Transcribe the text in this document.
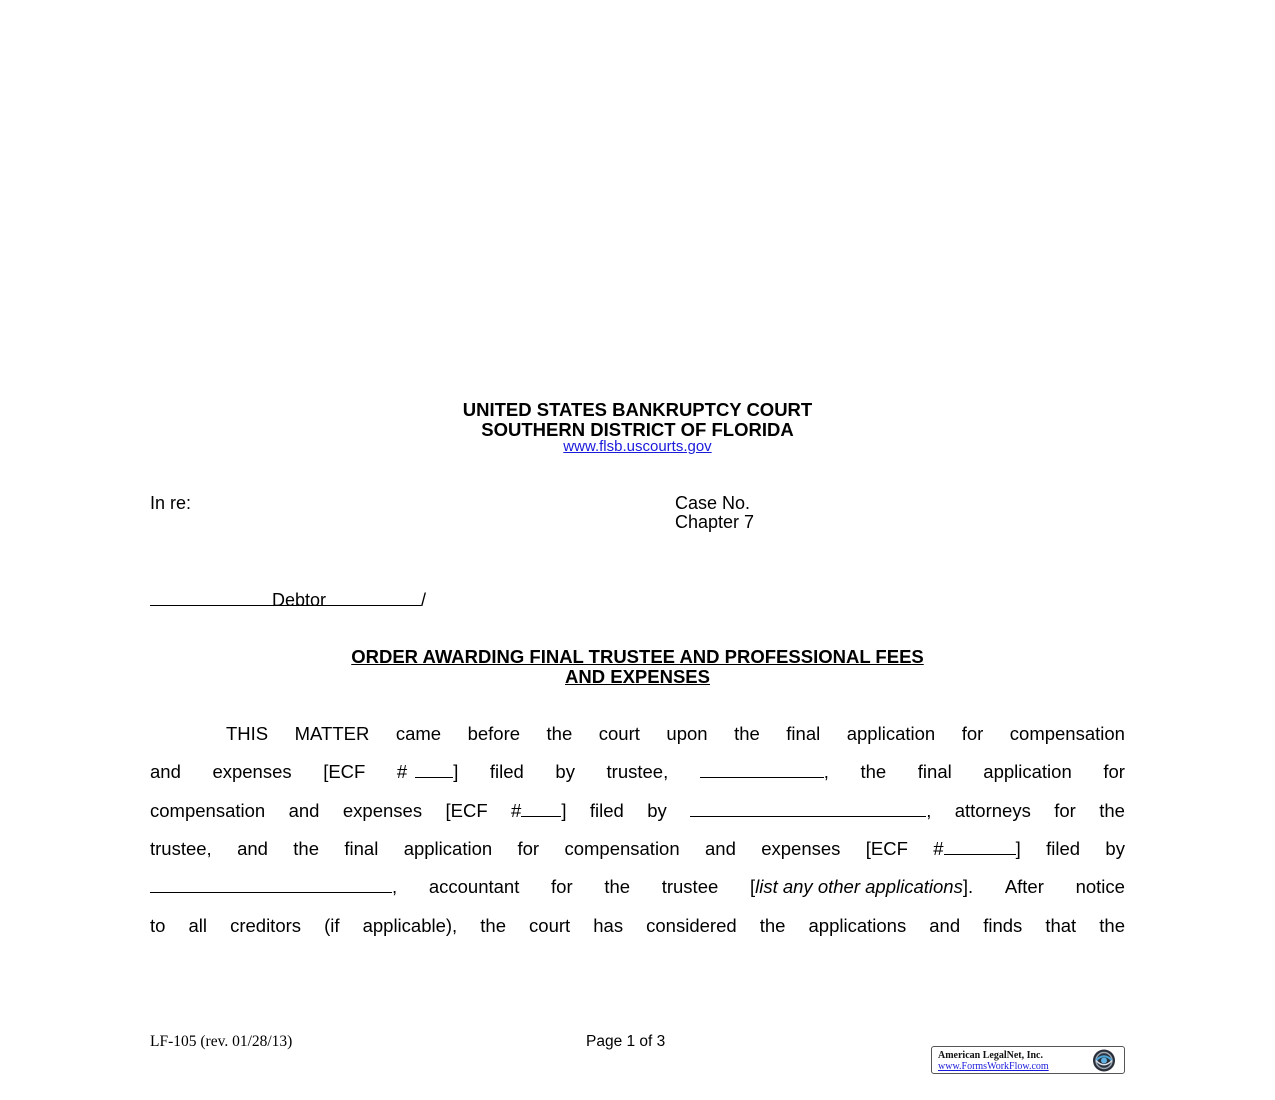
UNITED STATES BANKRUPTCY COURT
SOUTHERN DISTRICT OF FLORIDA
www.flsb.uscourts.gov
In re:	Case No.
Chapter 7
Debtor	/
ORDER AWARDING FINAL TRUSTEE AND PROFESSIONAL FEES
AND EXPENSES
THIS MATTER came before the court upon the final application for compensation
and expenses [ECF # ] filed by trustee,	, the final application for
compensation and expenses [ECF # ] filed by	, attorneys for the
trustee, and the final application for compensation and expenses [ECF #	] filed by
, accountant for the trustee [list any other applications]. After notice
to all creditors (if applicable), the court has considered the applications and finds that the
LF-105 (rev. 01/28/13)	Page 1 of 3
American LegalNet, Inc.
www.FormsWorkFlow.com
